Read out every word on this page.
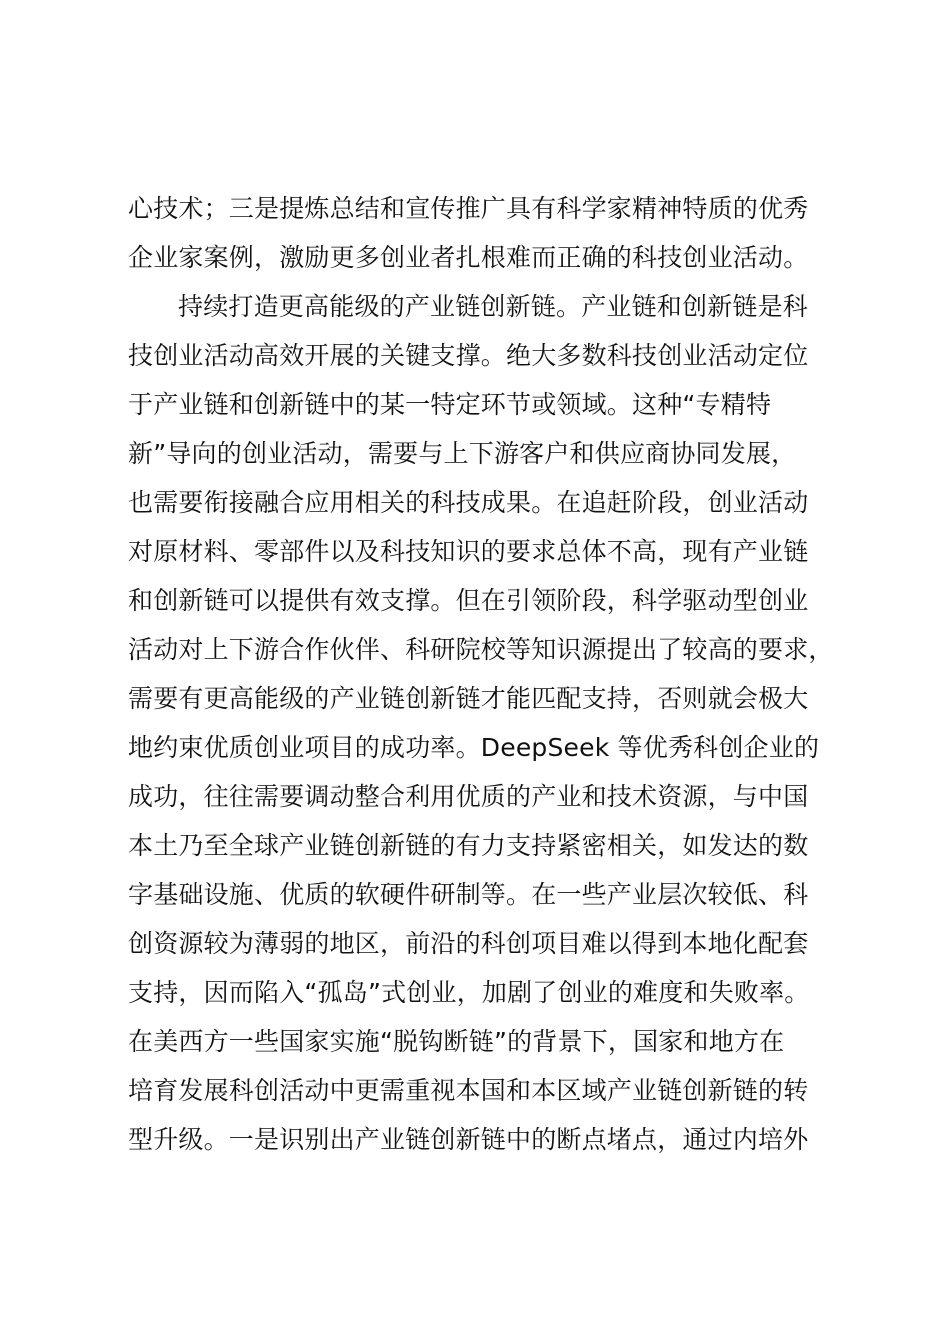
心技术；三是提炼总结和宣传推广具有科学家精神特质的优秀
企业家案例，激励更多创业者扎根难而正确的科技创业活动。
持续打造更高能级的产业链创新链。产业链和创新链是科
技创业活动高效开展的关键支撑。绝大多数科技创业活动定位
于产业链和创新链中的某一特定环节或领域。这种“专精特
新”导向的创业活动，需要与上下游客户和供应商协同发展，
也需要衔接融合应用相关的科技成果。在追赶阶段，创业活动
对原材料、零部件以及科技知识的要求总体不高，现有产业链
和创新链可以提供有效支撑。但在引领阶段，科学驱动型创业
活动对上下游合作伙伴、科研院校等知识源提出了较高的要求，
需要有更高能级的产业链创新链才能匹配支持，否则就会极大
地约束优质创业项目的成功率。DeepSeek 等优秀科创企业的
成功，往往需要调动整合利用优质的产业和技术资源，与中国
本土乃至全球产业链创新链的有力支持紧密相关，如发达的数
字基础设施、优质的软硬件研制等。在一些产业层次较低、科
创资源较为薄弱的地区，前沿的科创项目难以得到本地化配套
支持，因而陷入“孤岛”式创业，加剧了创业的难度和失败率。
在美西方一些国家实施“脱钩断链”的背景下，国家和地方在
培育发展科创活动中更需重视本国和本区域产业链创新链的转
型升级。一是识别出产业链创新链中的断点堵点，通过内培外
